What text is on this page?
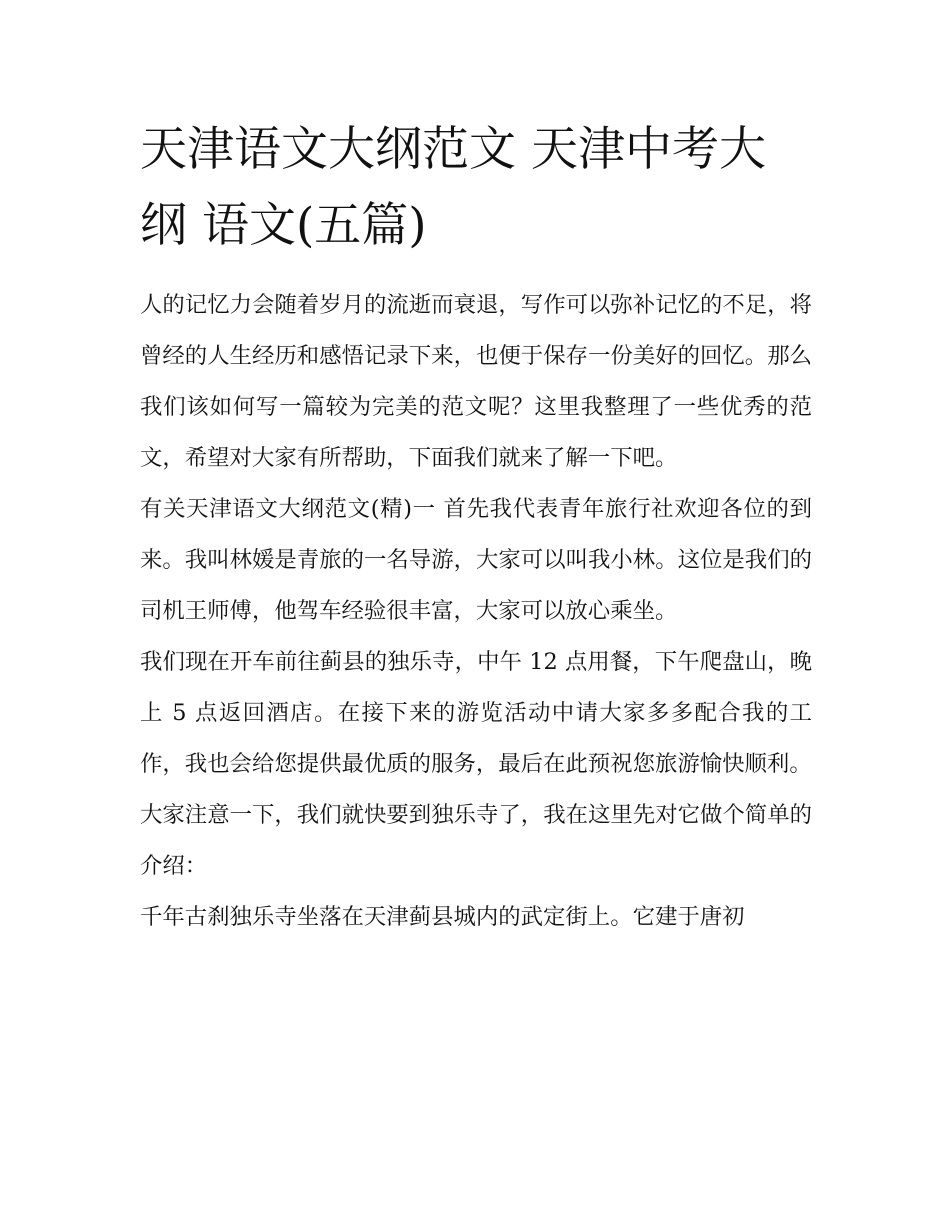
天津语文大纲范文 天津中考大纲 语文(五篇)

人的记忆力会随着岁月的流逝而衰退，写作可以弥补记忆的不足，将曾经的人生经历和感悟记录下来，也便于保存一份美好的回忆。那么我们该如何写一篇较为完美的范文呢？这里我整理了一些优秀的范文，希望对大家有所帮助，下面我们就来了解一下吧。

有关天津语文大纲范文(精)一 首先我代表青年旅行社欢迎各位的到来。我叫林媛是青旅的一名导游，大家可以叫我小林。这位是我们的司机王师傅，他驾车经验很丰富，大家可以放心乘坐。

我们现在开车前往蓟县的独乐寺，中午 12 点用餐，下午爬盘山，晚上 5 点返回酒店。在接下来的游览活动中请大家多多配合我的工作，我也会给您提供最优质的服务，最后在此预祝您旅游愉快顺利。

大家注意一下，我们就快要到独乐寺了，我在这里先对它做个简单的介绍：

千年古刹独乐寺坐落在天津蓟县城内的武定街上。它建于唐初
